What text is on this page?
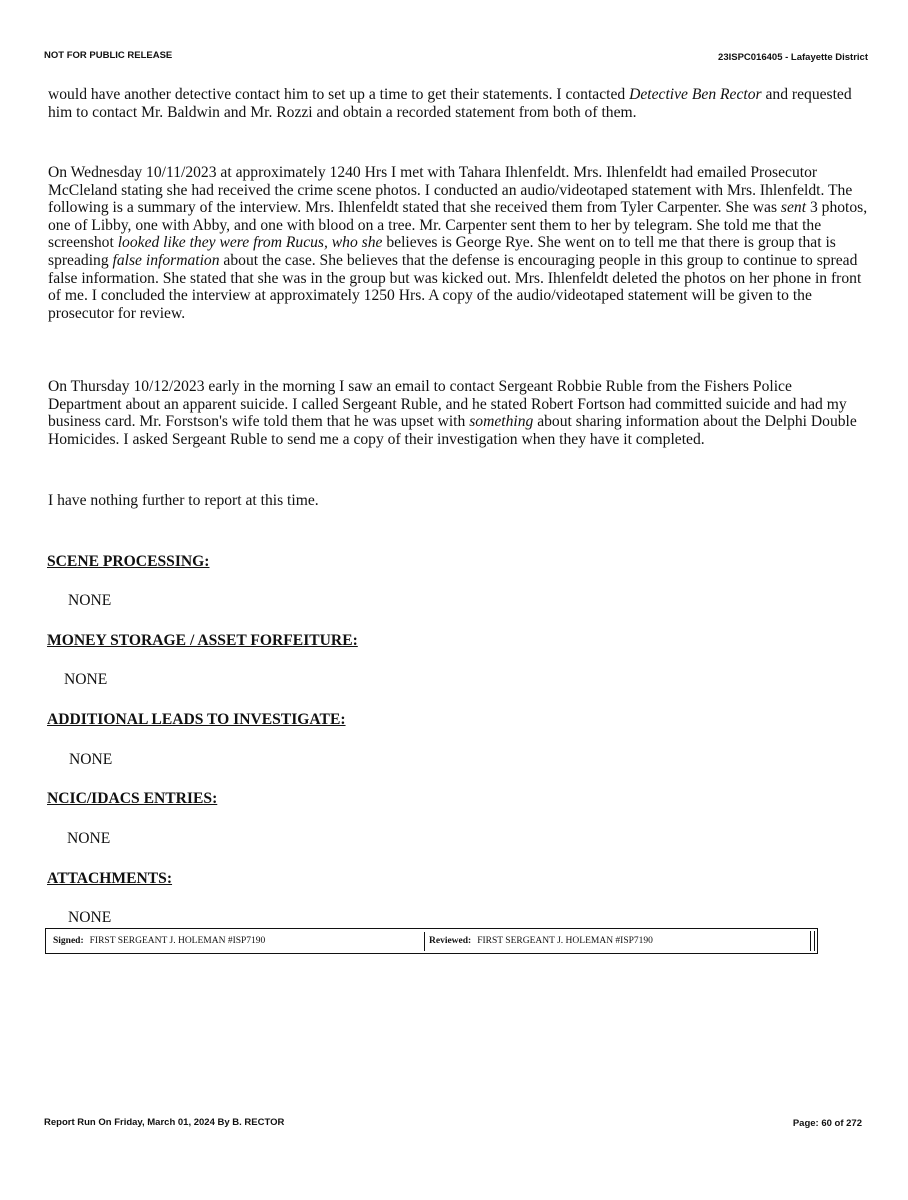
NOT FOR PUBLIC RELEASE	23ISPC016405 - Lafayette District

would have another detective contact him to set up a time to get their statements. I contacted Detective Ben Rector and requested him to contact Mr. Baldwin and Mr. Rozzi and obtain a recorded statement from both of them.

On Wednesday 10/11/2023 at approximately 1240 Hrs I met with Tahara Ihlenfeldt. Mrs. Ihlenfeldt had emailed Prosecutor McCleland stating she had received the crime scene photos. I conducted an audio/videotaped statement with Mrs. Ihlenfeldt. The following is a summary of the interview. Mrs. Ihlenfeldt stated that she received them from Tyler Carpenter. She was sent 3 photos, one of Libby, one with Abby, and one with blood on a tree. Mr. Carpenter sent them to her by telegram. She told me that the screenshot looked like they were from Rucus, who she believes is George Rye. She went on to tell me that there is group that is spreading false information about the case. She believes that the defense is encouraging people in this group to continue to spread false information. She stated that she was in the group but was kicked out. Mrs. Ihlenfeldt deleted the photos on her phone in front of me. I concluded the interview at approximately 1250 Hrs. A copy of the audio/videotaped statement will be given to the prosecutor for review.

On Thursday 10/12/2023 early in the morning I saw an email to contact Sergeant Robbie Ruble from the Fishers Police Department about an apparent suicide. I called Sergeant Ruble, and he stated Robert Fortson had committed suicide and had my business card. Mr. Forstson's wife told them that he was upset with something about sharing information about the Delphi Double Homicides. I asked Sergeant Ruble to send me a copy of their investigation when they have it completed.

I have nothing further to report at this time.

SCENE PROCESSING:

NONE

MONEY STORAGE / ASSET FORFEITURE:

NONE

ADDITIONAL LEADS TO INVESTIGATE:

NONE

NCIC/IDACS ENTRIES:

NONE

ATTACHMENTS:

NONE

Signed: FIRST SERGEANT J. HOLEMAN #ISP7190	Reviewed: FIRST SERGEANT J. HOLEMAN #ISP7190
Report Run On Friday, March 01, 2024 By B. RECTOR	Page: 60 of 272
